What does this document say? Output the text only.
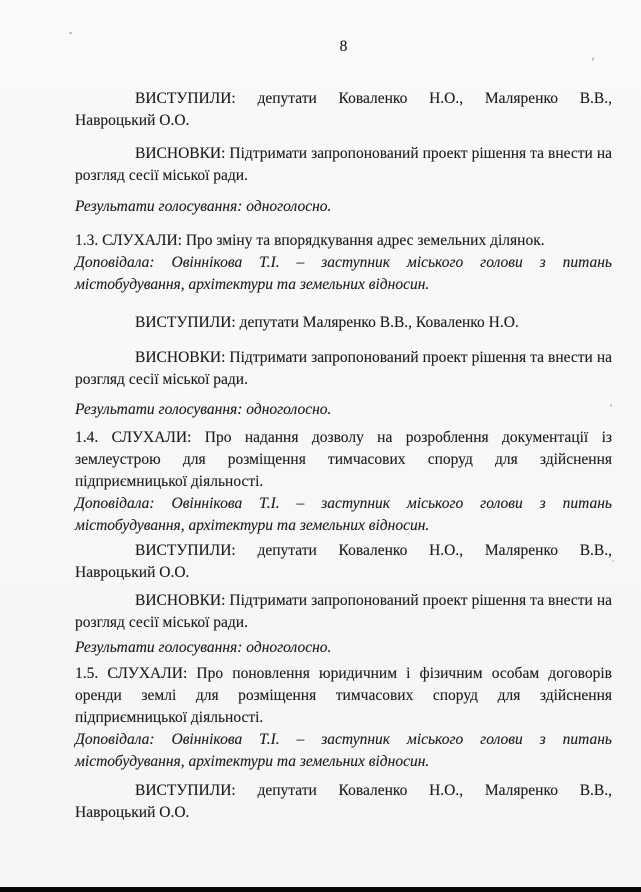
8
ВИСТУПИЛИ: депутати Коваленко Н.О., Маляренко В.В.,
Навроцький О.О.
ВИСНОВКИ: Підтримати запропонований проект рішення та внести на
розгляд сесії міської ради.
Результати голосування: одноголосно.
1.3. СЛУХАЛИ: Про зміну та впорядкування адрес земельних ділянок.
Доповідала: Овіннікова Т.І. – заступник міського голови з питань
містобудування, архітектури та земельних відносин.
ВИСТУПИЛИ: депутати Маляренко В.В., Коваленко Н.О.
ВИСНОВКИ: Підтримати запропонований проект рішення та внести на
розгляд сесії міської ради.
Результати голосування: одноголосно.
1.4. СЛУХАЛИ: Про надання дозволу на розроблення документації із
землеустрою для розміщення тимчасових споруд для здійснення
підприємницької діяльності.
Доповідала: Овіннікова Т.І. – заступник міського голови з питань
містобудування, архітектури та земельних відносин.
ВИСТУПИЛИ: депутати Коваленко Н.О., Маляренко В.В.,
Навроцький О.О.
ВИСНОВКИ: Підтримати запропонований проект рішення та внести на
розгляд сесії міської ради.
Результати голосування: одноголосно.
1.5. СЛУХАЛИ: Про поновлення юридичним і фізичним особам договорів
оренди землі для розміщення тимчасових споруд для здійснення
підприємницької діяльності.
Доповідала: Овіннікова Т.І. – заступник міського голови з питань
містобудування, архітектури та земельних відносин.
ВИСТУПИЛИ: депутати Коваленко Н.О., Маляренко В.В.,
Навроцький О.О.
